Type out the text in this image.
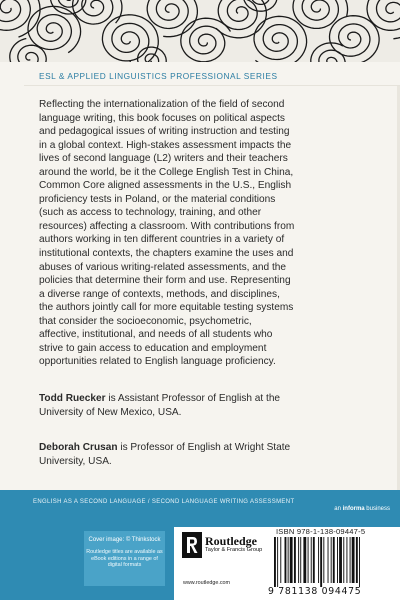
ESL & APPLIED LINGUISTICS PROFESSIONAL SERIES
Reflecting the internationalization of the field of second
language writing, this book focuses on political aspects
and pedagogical issues of writing instruction and testing
in a global context. High-stakes assessment impacts the
lives of second language (L2) writers and their teachers
around the world, be it the College English Test in China,
Common Core aligned assessments in the U.S., English
proficiency tests in Poland, or the material conditions
(such as access to technology, training, and other
resources) affecting a classroom. With contributions from
authors working in ten different countries in a variety of
institutional contexts, the chapters examine the uses and
abuses of various writing-related assessments, and the
policies that determine their form and use. Representing
a diverse range of contexts, methods, and disciplines,
the authors jointly call for more equitable testing systems
that consider the socioeconomic, psychometric,
affective, institutional, and needs of all students who
strive to gain access to education and employment
opportunities related to English language proficiency.
Todd Ruecker is Assistant Professor of English at the
University of New Mexico, USA.
Deborah Crusan is Professor of English at Wright State
University, USA.
ENGLISH AS A SECOND LANGUAGE / SECOND LANGUAGE WRITING ASSESSMENT
an informa business
Cover image: © Thinkstock
Routledge titles are available as
eBook editions in a range of digital formats
Routledge
Taylor & Francis Group
www.routledge.com
ISBN 978-1-138-09447-5
9 781138 094475
